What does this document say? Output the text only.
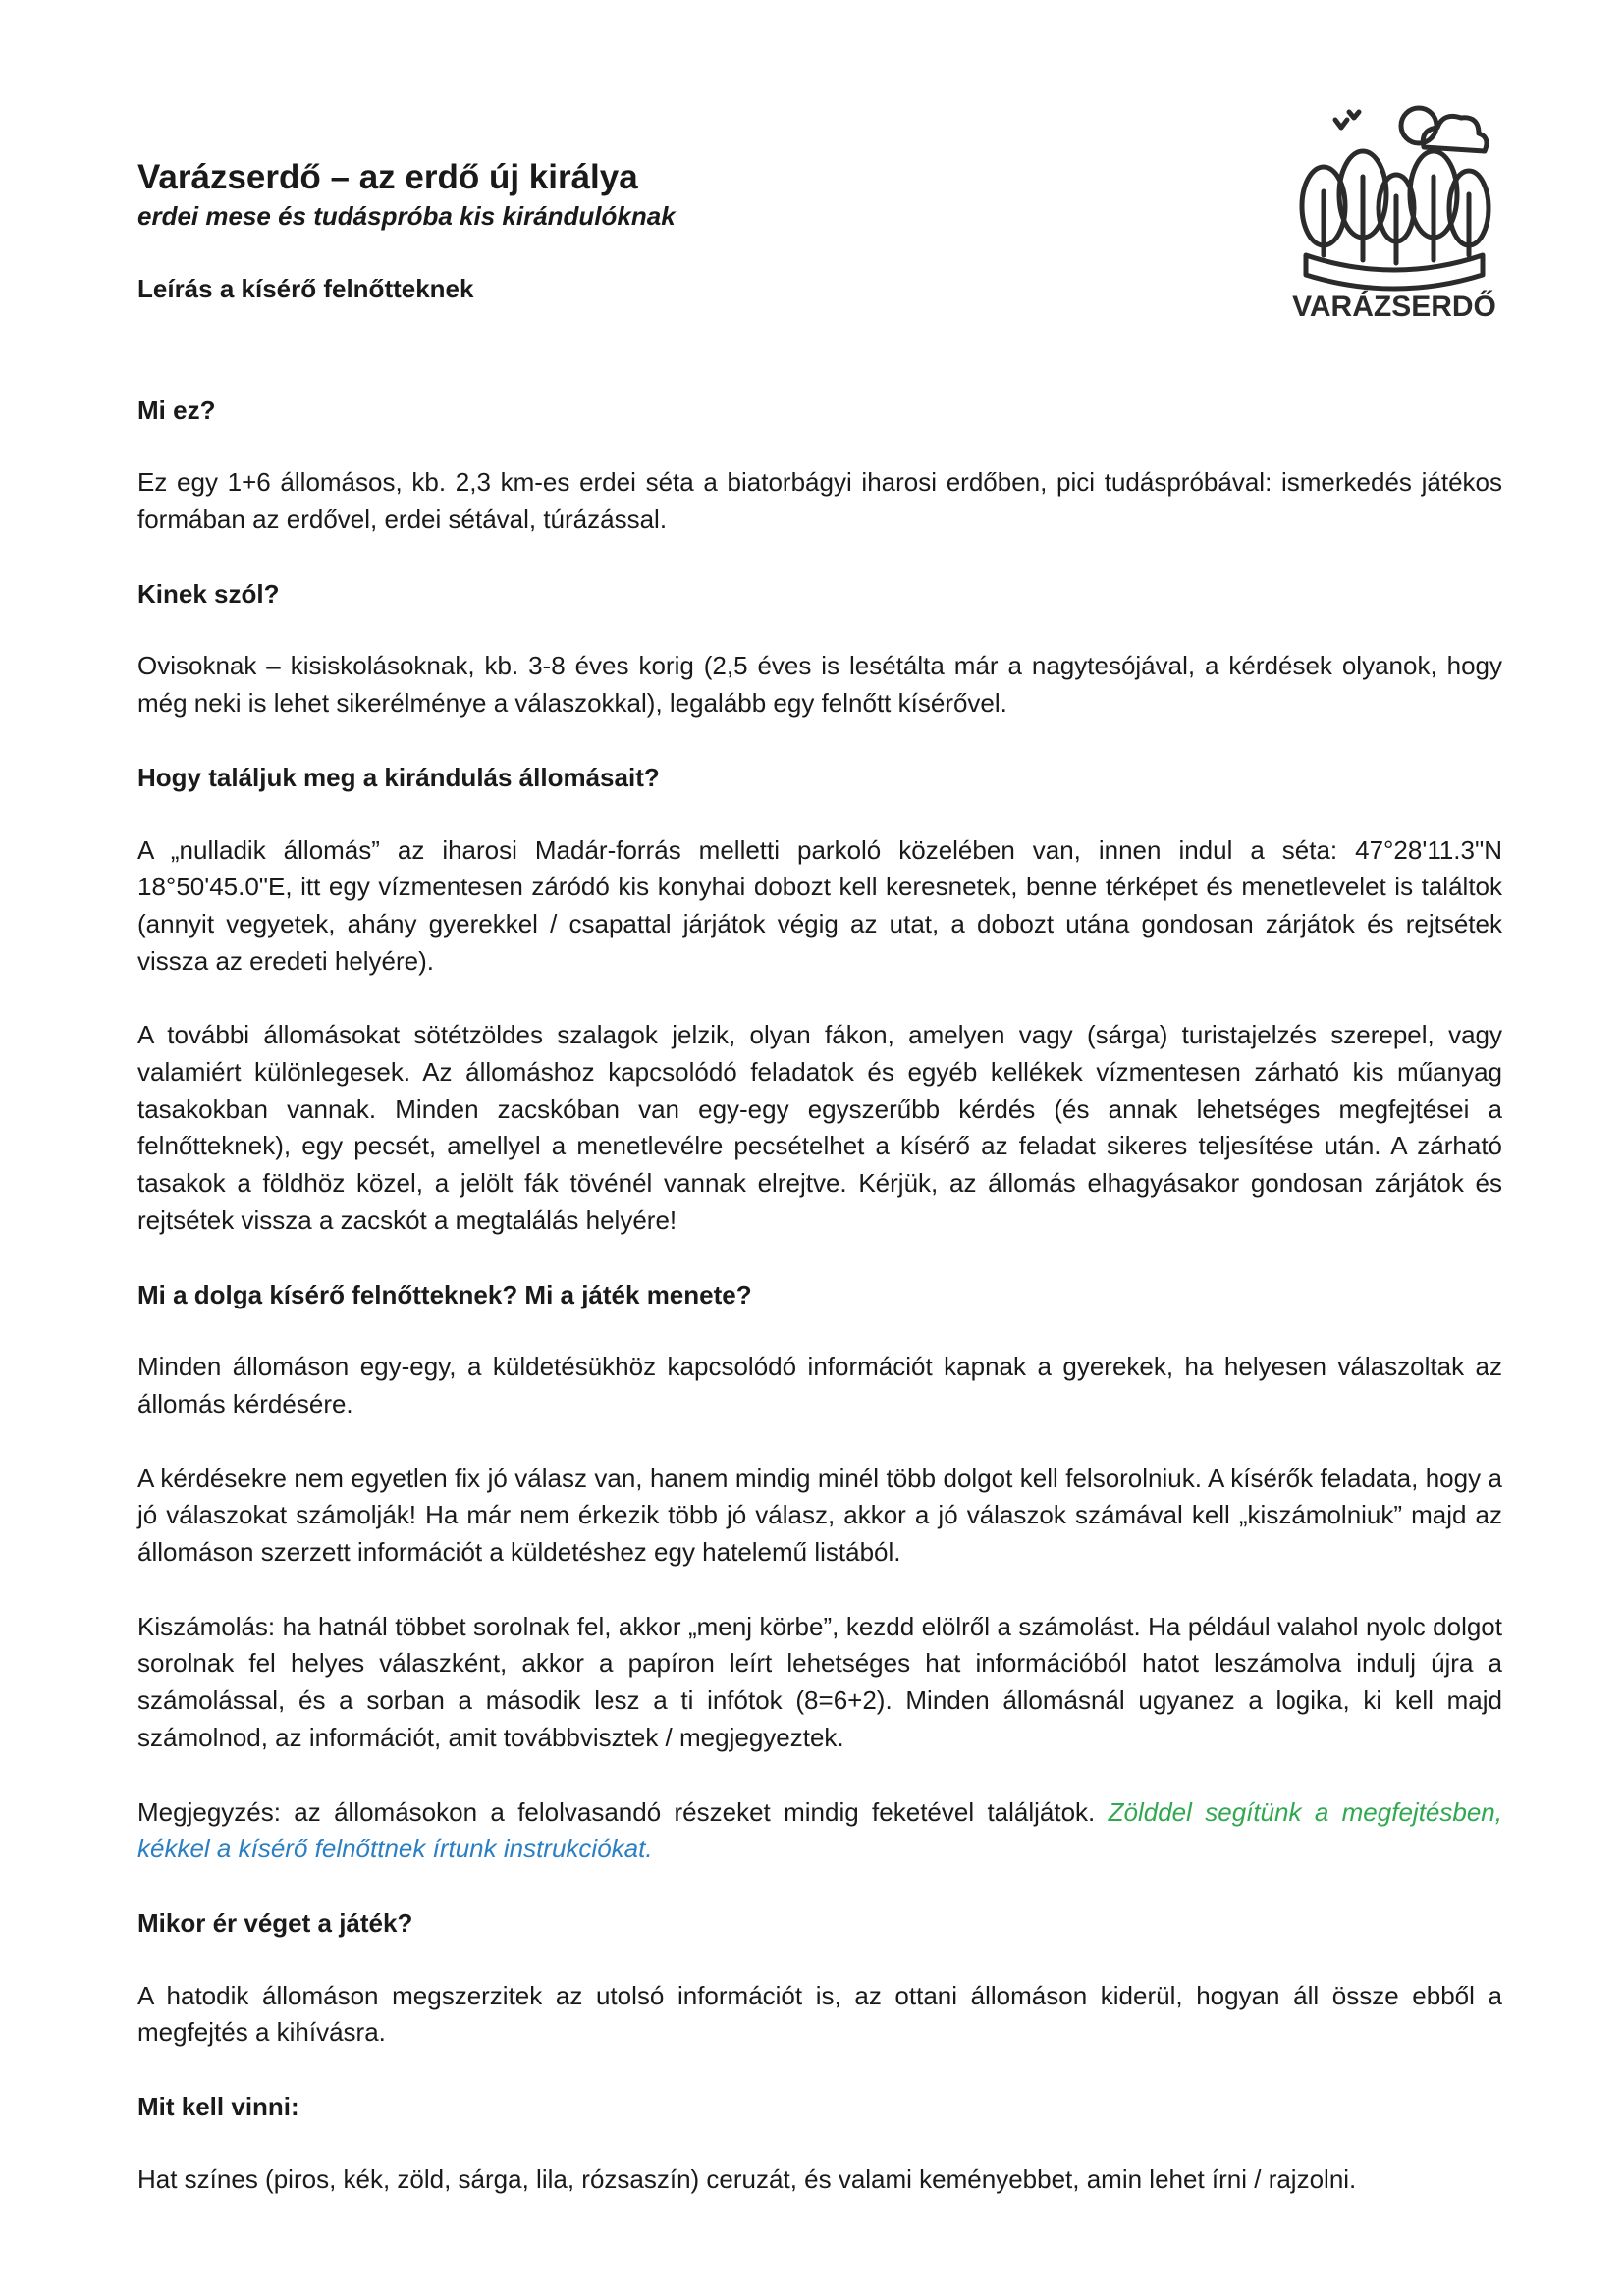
VARÁZSERDŐ
Varázserdő – az erdő új királya
erdei mese és tudáspróba kis kirándulóknak
Leírás a kísérő felnőtteknek
Mi ez?

Ez egy 1+6 állomásos, kb. 2,3 km-es erdei séta a biatorbágyi iharosi erdőben, pici tudáspróbával: ismerkedés játékos formában az erdővel, erdei sétával, túrázással.

Kinek szól?

Ovisoknak – kisiskolásoknak, kb. 3-8 éves korig (2,5 éves is lesétálta már a nagytesójával, a kérdések olyanok, hogy még neki is lehet sikerélménye a válaszokkal), legalább egy felnőtt kísérővel.

Hogy találjuk meg a kirándulás állomásait?

A „nulladik állomás” az iharosi Madár-forrás melletti parkoló közelében van, innen indul a séta: 47°28'11.3"N 18°50'45.0"E, itt egy vízmentesen záródó kis konyhai dobozt kell keresnetek, benne térképet és menetlevelet is találtok (annyit vegyetek, ahány gyerekkel / csapattal járjátok végig az utat, a dobozt utána gondosan zárjátok és rejtsétek vissza az eredeti helyére).

A további állomásokat sötétzöldes szalagok jelzik, olyan fákon, amelyen vagy (sárga) turistajelzés szerepel, vagy valamiért különlegesek. Az állomáshoz kapcsolódó feladatok és egyéb kellékek vízmentesen zárható kis műanyag tasakokban vannak. Minden zacskóban van egy-egy egyszerűbb kérdés (és annak lehetséges megfejtései a felnőtteknek), egy pecsét, amellyel a menetlevélre pecsételhet a kísérő az feladat sikeres teljesítése után. A zárható tasakok a földhöz közel, a jelölt fák tövénél vannak elrejtve. Kérjük, az állomás elhagyásakor gondosan zárjátok és rejtsétek vissza a zacskót a megtalálás helyére!

Mi a dolga kísérő felnőtteknek? Mi a játék menete?

Minden állomáson egy-egy, a küldetésükhöz kapcsolódó információt kapnak a gyerekek, ha helyesen válaszoltak az állomás kérdésére.

A kérdésekre nem egyetlen fix jó válasz van, hanem mindig minél több dolgot kell felsorolniuk. A kísérők feladata, hogy a jó válaszokat számolják! Ha már nem érkezik több jó válasz, akkor a jó válaszok számával kell „kiszámolniuk” majd az állomáson szerzett információt a küldetéshez egy hatelemű listából.

Kiszámolás: ha hatnál többet sorolnak fel, akkor „menj körbe”, kezdd elölről a számolást. Ha például valahol nyolc dolgot sorolnak fel helyes válaszként, akkor a papíron leírt lehetséges hat információból hatot leszámolva indulj újra a számolással, és a sorban a második lesz a ti infótok (8=6+2). Minden állomásnál ugyanez a logika, ki kell majd számolnod, az információt, amit továbbvisztek / megjegyeztek.

Megjegyzés: az állomásokon a felolvasandó részeket mindig feketével találjátok. Zölddel segítünk a megfejtésben, kékkel a kísérő felnőttnek írtunk instrukciókat.

Mikor ér véget a játék?

A hatodik állomáson megszerzitek az utolsó információt is, az ottani állomáson kiderül, hogyan áll össze ebből a megfejtés a kihívásra.

Mit kell vinni:

Hat színes (piros, kék, zöld, sárga, lila, rózsaszín) ceruzát, és valami keményebbet, amin lehet írni / rajzolni.
